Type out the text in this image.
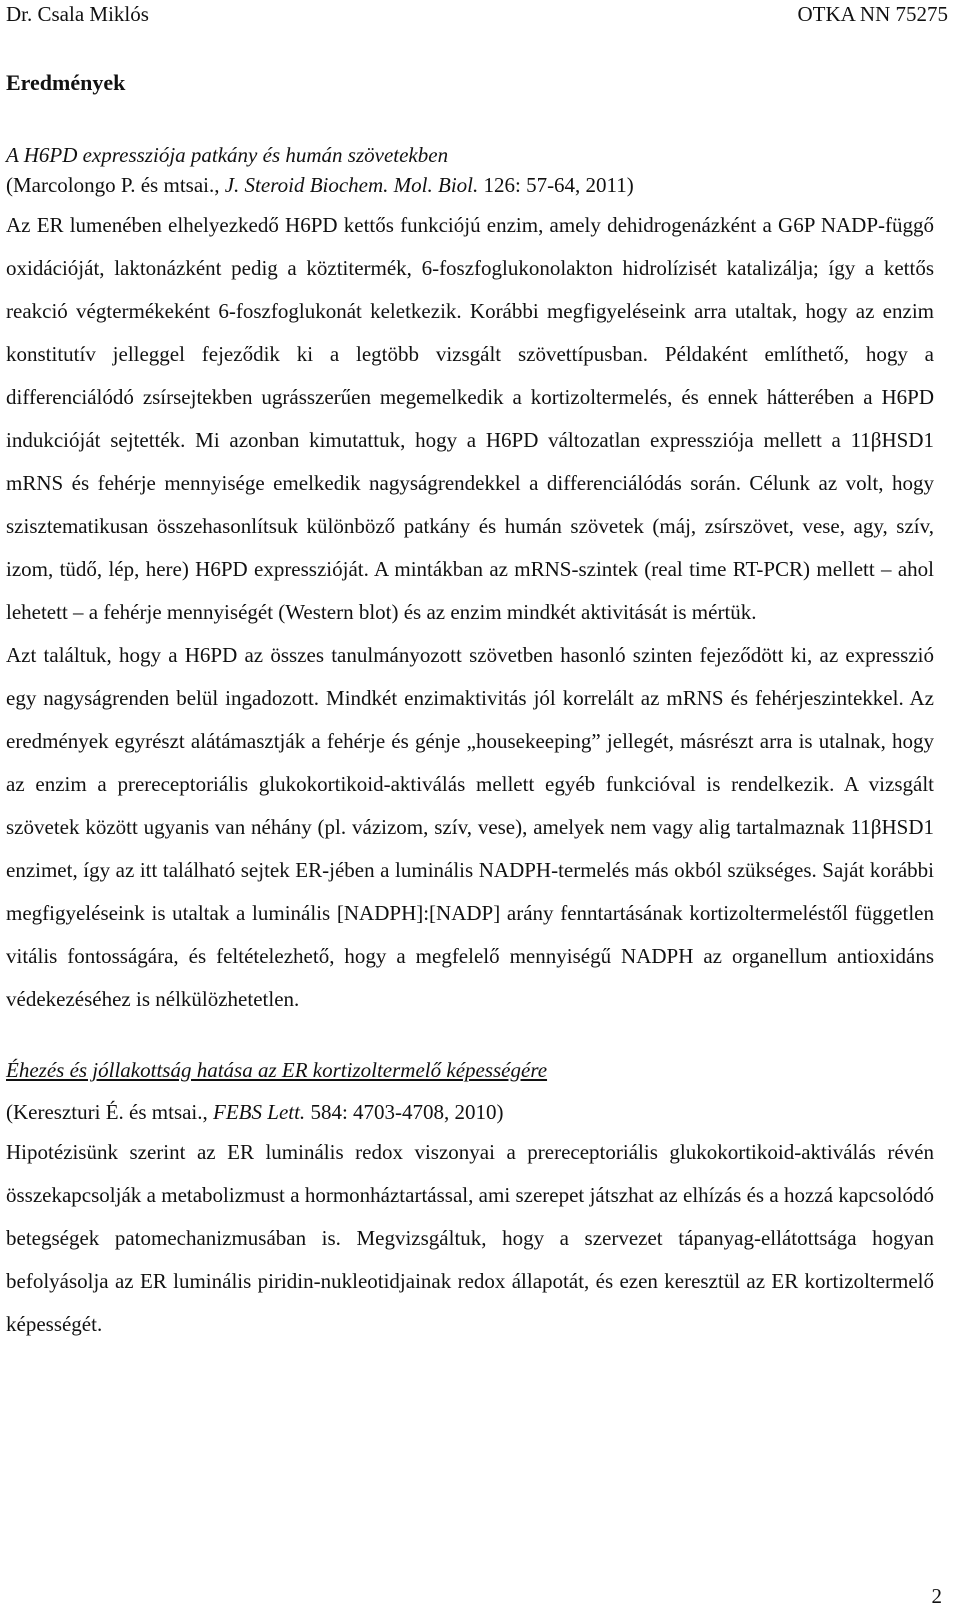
Dr. Csala Miklós	OTKA NN 75275
Eredmények
A H6PD expressziója patkány és humán szövetekben
(Marcolongo P. és mtsai., J. Steroid Biochem. Mol. Biol. 126: 57-64, 2011)

Az ER lumenében elhelyezkedő H6PD kettős funkciójú enzim, amely dehidrogenázként a G6P NADP-függő oxidációját, laktonázként pedig a köztitermék, 6-foszfoglukonolakton hidrolízisét katalizálja; így a kettős reakció végtermékeként 6-foszfoglukonát keletkezik. Korábbi megfigyeléseink arra utaltak, hogy az enzim konstitutív jelleggel fejeződik ki a legtöbb vizsgált szövettípusban. Példaként említhető, hogy a differenciálódó zsírsejtekben ugrásszerűen megemelkedik a kortizoltermelés, és ennek hátterében a H6PD indukcióját sejtették. Mi azonban kimutattuk, hogy a H6PD változatlan expressziója mellett a 11βHSD1 mRNS és fehérje mennyisége emelkedik nagyságrendekkel a differenciálódás során. Célunk az volt, hogy szisztematikusan összehasonlítsuk különböző patkány és humán szövetek (máj, zsírszövet, vese, agy, szív, izom, tüdő, lép, here) H6PD expresszióját. A mintákban az mRNS-szintek (real time RT-PCR) mellett – ahol lehetett – a fehérje mennyiségét (Western blot) és az enzim mindkét aktivitását is mértük.

Azt találtuk, hogy a H6PD az összes tanulmányozott szövetben hasonló szinten fejeződött ki, az expresszió egy nagyságrenden belül ingadozott. Mindkét enzimaktivitás jól korrelált az mRNS és fehérjeszintekkel. Az eredmények egyrészt alátámasztják a fehérje és génje „housekeeping” jellegét, másrészt arra is utalnak, hogy az enzim a prereceptoriális glukokortikoid-aktiválás mellett egyéb funkcióval is rendelkezik. A vizsgált szövetek között ugyanis van néhány (pl. vázizom, szív, vese), amelyek nem vagy alig tartalmaznak 11βHSD1 enzimet, így az itt található sejtek ER-jében a luminális NADPH-termelés más okból szükséges. Saját korábbi megfigyeléseink is utaltak a luminális [NADPH]:[NADP] arány fenntartásának kortizoltermeléstől független vitális fontosságára, és feltételezhető, hogy a megfelelő mennyiségű NADPH az organellum antioxidáns védekezéséhez is nélkülözhetetlen.

Éhezés és jóllakottság hatása az ER kortizoltermelő képességére
(Kereszturi É. és mtsai., FEBS Lett. 584: 4703-4708, 2010)

Hipotézisünk szerint az ER luminális redox viszonyai a prereceptoriális glukokortikoid-aktiválás révén összekapcsolják a metabolizmust a hormonháztartással, ami szerepet játszhat az elhízás és a hozzá kapcsolódó betegségek patomechanizmusában is. Megvizsgáltuk, hogy a szervezet tápanyag-ellátottsága hogyan befolyásolja az ER luminális piridin-nukleotidjainak redox állapotát, és ezen keresztül az ER kortizoltermelő képességét.

2
